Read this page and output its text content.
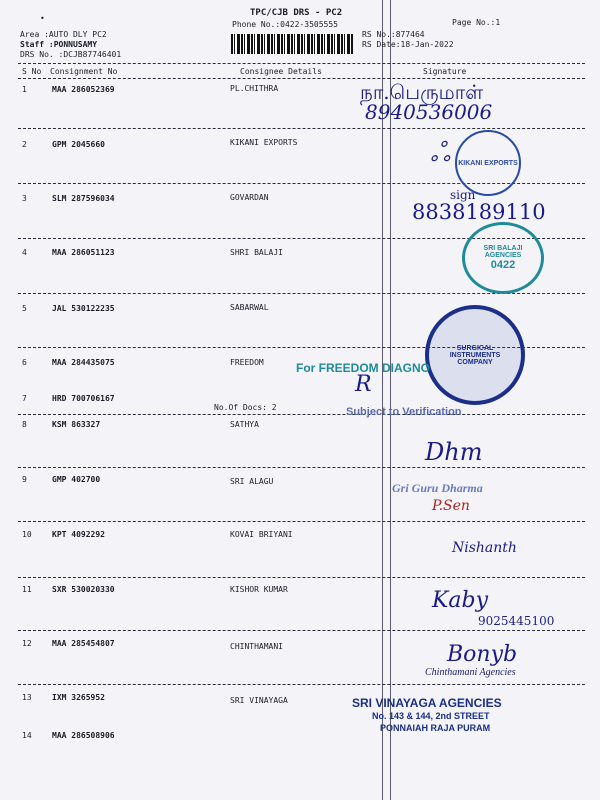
TPC/CJB DRS - PC2
Phone No.:0422-3505555	Page No.:1
Area :AUTO DLY PC2
Staff :PONNUSAMY
DRS No. :DCJB87746401
RS No.:877464
RS Date:18-Jan-2022
•
S No Consignment No	Consignee Details	Signature
1	MAA 286052369	PL.CHITHRA
2	GPM 2045660	KIKANI EXPORTS
3	SLM 287596034	GOVARDAN
4	MAA 286051123	SHRI BALAJI
5	JAL 530122235	SABARWAL
6	MAA 284435075	FREEDOM
7	HRD 700706167
No.Of Docs: 2
8	KSM 863327	SATHYA
9	GMP 402700	SRI ALAGU
10	KPT 4092292	KOVAI BRIYANI
11	SXR 530020330	KISHOR KUMAR
12	MAA 285454807	CHINTHAMANI
13	IXM 3265952	SRI VINAYAGA
14	MAA 286508906
நா.பெருமாள்
8940536006
KIKANI EXPORTS
ஃ
sign
8838189110
SRI BALAJI AGENCIES
0422
SURGICAL INSTRUMENTS COMPANY
For FREEDOM DIAGNO
R
Subject to Verification
Dhm
Gri Guru Dharma
P.Sen
Nishanth
Kaby
9025445100
Bonyb
Chinthamani Agencies
SRI VINAYAGA AGENCIES
No. 143 & 144, 2nd STREET
PONNAIAH RAJA PURAM
